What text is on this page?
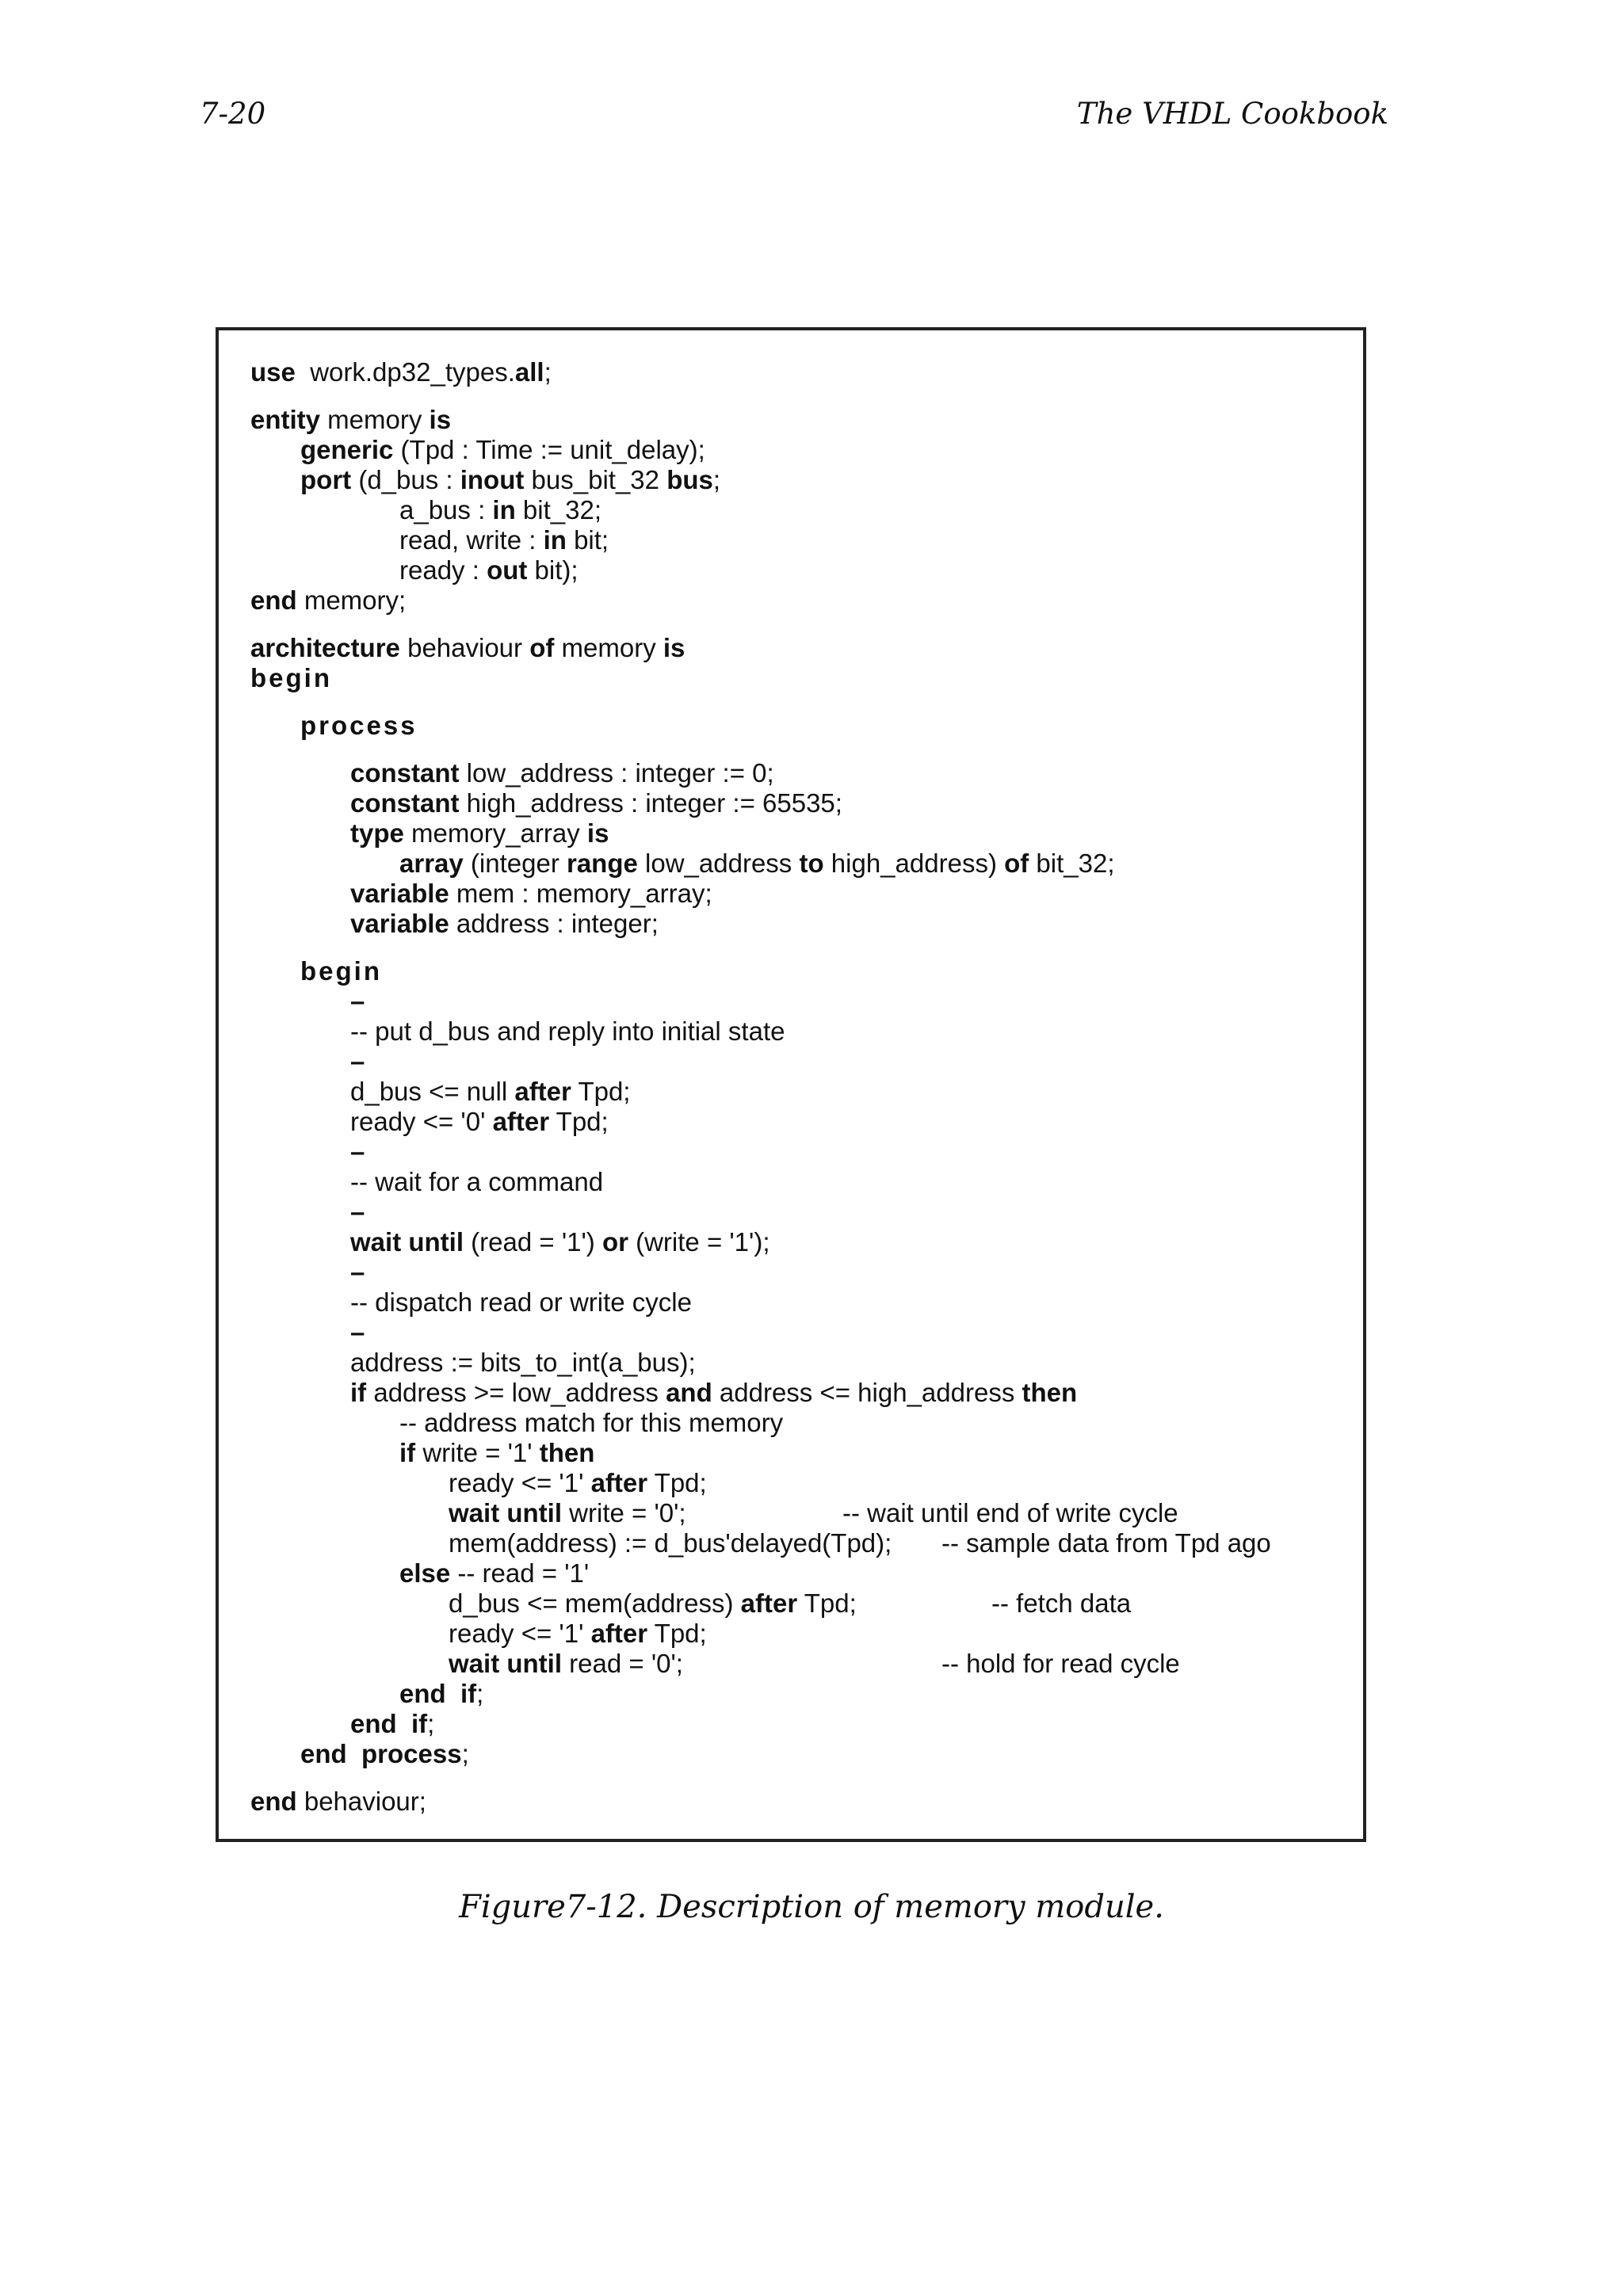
7-20	The VHDL Cookbook
use  work.dp32_types.all;
entity memory is
generic (Tpd : Time := unit_delay);
port (d_bus : inout bus_bit_32 bus;
a_bus : in bit_32;
read, write : in bit;
ready : out bit);
end memory;
architecture behaviour of memory is
begin
process
constant low_address : integer := 0;
constant high_address : integer := 65535;
type memory_array is
array (integer range low_address to high_address) of bit_32;
variable mem : memory_array;
variable address : integer;
begin
–
-- put d_bus and reply into initial state
–
d_bus <= null after Tpd;
ready <= '0' after Tpd;
–
-- wait for a command
–
wait until (read = '1') or (write = '1');
–
-- dispatch read or write cycle
–
address := bits_to_int(a_bus);
if address >= low_address and address <= high_address then
-- address match for this memory
if write = '1' then
ready <= '1' after Tpd;
wait until write = '0';	-- wait until end of write cycle
mem(address) := d_bus'delayed(Tpd); -- sample data from Tpd ago
else -- read = '1'
d_bus <= mem(address) after Tpd;	-- fetch data
ready <= '1' after Tpd;
wait until read = '0';	-- hold for read cycle
end  if;
end  if;
end  process;
end behaviour;
Figure7-12. Description of memory module.
